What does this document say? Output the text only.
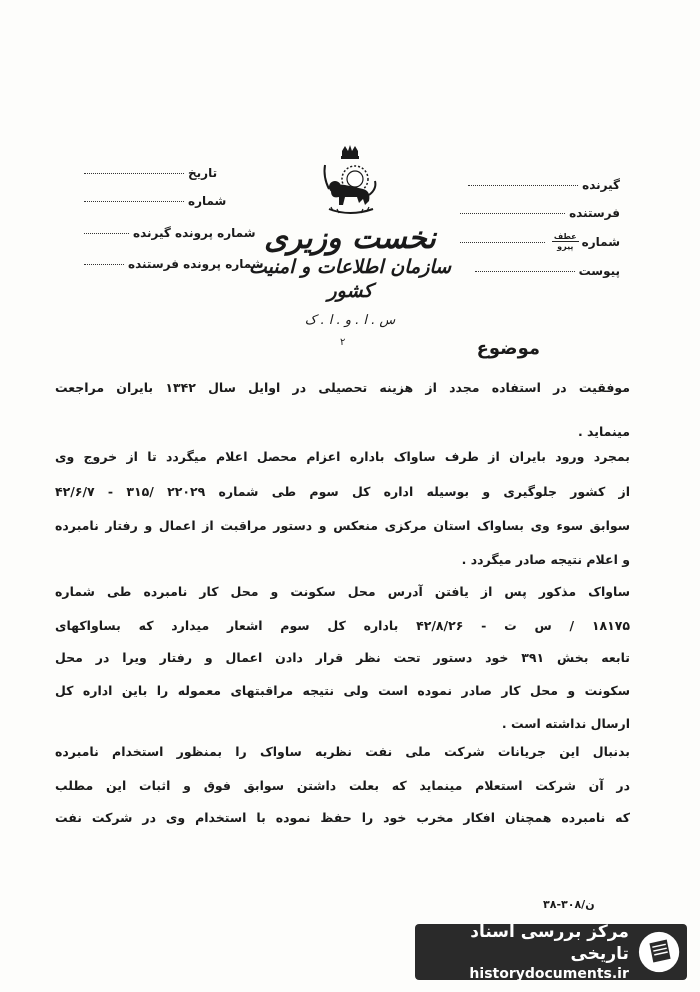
گیرنده
فرستنده
شماره
$\frac{\text{عطف}}{\text{پیرو}}$
پیوست
تاریخ
شماره
شماره پرونده گیرنده
شماره پرونده فرستنده
نخست وزیری
سازمان اطلاعات و امنیت کشور
س . ا . و . ا . ک
۲	موضوع
موفقیت در استفاده مجدد از هزینه تحصیلی در اوایل سال ۱۳۴۲ بایران مراجعت
مینماید .
بمجرد ورود بایران از طرف ساواک باداره اعزام محصل اعلام میگردد تا از خروج وی
از کشور جلوگیری و بوسیله اداره کل سوم طی شماره ۲۲۰۲۹ /۳۱۵ - ۴۲/۶/۷
سوابق سوء وی بساواک استان مرکزی منعکس و دستور مراقبت از اعمال و رفتار نامبرده
و اعلام نتیجه صادر میگردد .
ساواک مذکور پس از یافتن آدرس محل سکونت و محل کار نامبرده طی شماره
۱۸۱۷۵ / س ت - ۴۲/۸/۲۶ باداره کل سوم اشعار میدارد که بساواکهای
تابعه بخش ۳۹۱ خود دستور تحت نظر قرار دادن اعمال و رفتار ویرا در محل
سکونت و محل کار صادر نموده است ولی نتیجه مراقبتهای معموله را باین اداره کل
ارسال نداشته است .
بدنبال این جریانات شرکت ملی نفت نظریه ساواک را بمنظور استخدام نامبرده
در آن شرکت استعلام مینماید که بعلت داشتن سوابق فوق و اثبات این مطلب
که نامبرده همچنان افکار مخرب خود را حفظ نموده با استخدام وی در شرکت نفت
ن/۳۰۸-۳۸
مرکز بررسی اسناد تاریخی
historydocuments.ir
